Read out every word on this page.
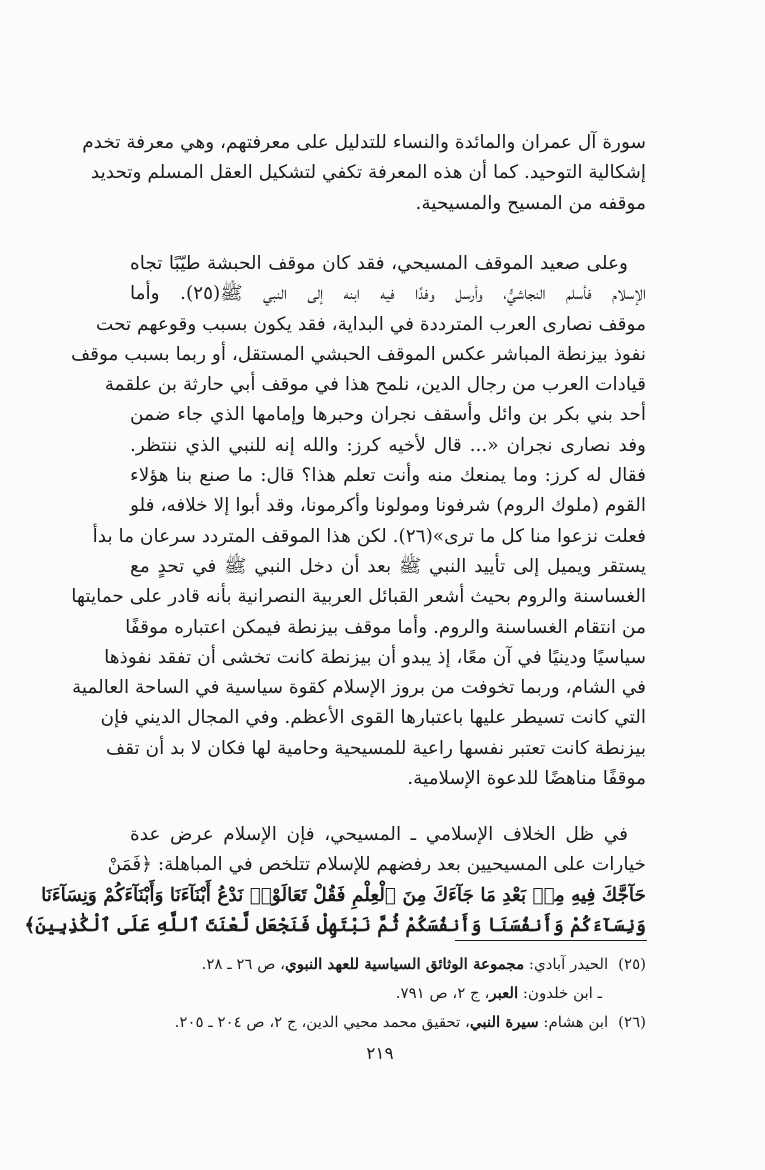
سورة آل عمران والمائدة والنساء للتدليل على معرفتهم، وهي معرفة تخدم
إشكالية التوحيد. كما أن هذه المعرفة تكفي لتشكيل العقل المسلم وتحديد
موقفه من المسيح والمسيحية.
وعلى صعيد الموقف المسيحي، فقد كان موقف الحبشة طيّبًا تجاه
الإسلام فأسلم النجاشيُّ، وأرسل وفدًا فيه ابنه إلى النبي ﷺ(٢٥). وأما
موقف نصارى العرب المترددة في البداية، فقد يكون بسبب وقوعهم تحت
نفوذ بيزنطة المباشر عكس الموقف الحبشي المستقل، أو ربما بسبب موقف
قيادات العرب من رجال الدين، نلمح هذا في موقف أبي حارثة بن علقمة
أحد بني بكر بن وائل وأسقف نجران وحبرها وإمامها الذي جاء ضمن
وفد نصارى نجران «... قال لأخيه كرز: والله إنه للنبي الذي ننتظر.
فقال له كرز: وما يمنعك منه وأنت تعلم هذا؟ قال: ما صنع بنا هؤلاء
القوم (ملوك الروم) شرفونا ومولونا وأكرمونا، وقد أبوا إلا خلافه، فلو
فعلت نزعوا منا كل ما ترى»(٢٦). لكن هذا الموقف المتردد سرعان ما بدأ
يستقر ويميل إلى تأييد النبي ﷺ بعد أن دخل النبي ﷺ في تحدٍ مع
الغساسنة والروم بحيث أشعر القبائل العربية النصرانية بأنه قادر على حمايتها
من انتقام الغساسنة والروم. وأما موقف بيزنطة فيمكن اعتباره موقفًا
سياسيًا ودينيًا في آن معًا، إذ يبدو أن بيزنطة كانت تخشى أن تفقد نفوذها
في الشام، وربما تخوفت من بروز الإسلام كقوة سياسية في الساحة العالمية
التي كانت تسيطر عليها باعتبارها القوى الأعظم. وفي المجال الديني فإن
بيزنطة كانت تعتبر نفسها راعية للمسيحية وحامية لها فكان لا بد أن تقف
موقفًا مناهضًا للدعوة الإسلامية.
في ظل الخلاف الإسلامي ـ المسيحي، فإن الإسلام عرض عدة
خيارات على المسيحيين بعد رفضهم للإسلام تتلخص في المباهلة: ﴿فَمَنْ
حَآجَّكَ فِيهِ مِنۢ بَعْدِ مَا جَآءَكَ مِنَ ٱلْعِلْمِ فَقُلْ تَعَالَوْا۟ نَدْعُ أَبْنَآءَنَا وَأَبْنَآءَكُمْ وَنِسَآءَنَا
وَنِسَآءَكُمْ وَأَنفُسَنَا وَأَنفُسَكُمْ ثُمَّ نَبْتَهِلْ فَنَجْعَل لَّعْنَتَ ٱللَّهِ عَلَى ٱلْكَٰذِبِينَ﴾
(٢٥)الحيدر آبادي: مجموعة الوثائق السياسية للعهد النبوي، ص ٢٦ ـ ٢٨.
ـ ابن خلدون: العبر، ج ٢، ص ٧٩١.
(٢٦)ابن هشام: سيرة النبي، تحقيق محمد محيي الدين، ج ٢، ص ٢٠٤ ـ ٢٠٥.
٢١٩
